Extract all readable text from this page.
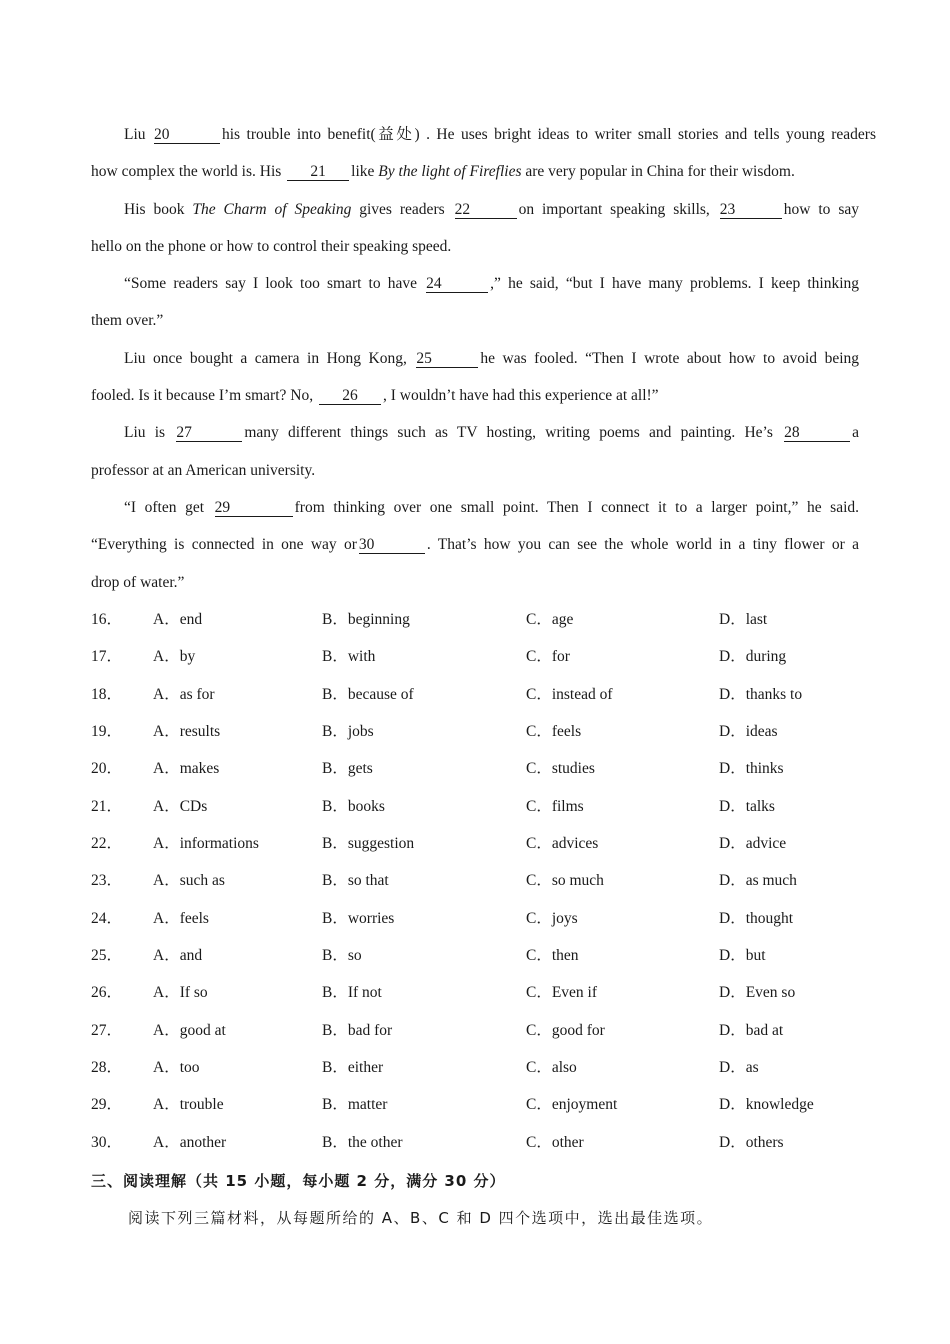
Liu 20	his trouble into benefit(益处) . He uses bright ideas to writer small stories and tells young readers
how complex the world is. His 21 like By the light of Fireflies are very popular in China for their wisdom.
His book The Charm of Speaking gives readers 22	on important speaking skills, 23	how to say
hello on the phone or how to control their speaking speed.
“Some readers say I look too smart to have 24	,” he said, “but I have many problems. I keep thinking
them over.”
Liu once bought a camera in Hong Kong, 25	he was fooled. “Then I wrote about how to avoid being
fooled. Is it because I’m smart? No, 26 , I wouldn’t have had this experience at all!”
Liu is 27	many different things such as TV hosting, writing poems and painting. He’s 28	a
professor at an American university.
“I often get 29	from thinking over one small point. Then I connect it to a larger point,” he said.
“Everything is connected in one way or 30	. That’s how you can see the whole world in a tiny flower or a
drop of water.”
16． A．end	B．beginning	C．age	D．last
17． A．by	B．with	C．for	D．during
18． A．as for	B．because of	C．instead of	D．thanks to
19． A．results	B．jobs	C．feels	D．ideas
20． A．makes	B．gets	C．studies	D．thinks
21． A．CDs	B．books	C．films	D．talks
22． A．informations	B．suggestion	C．advices	D．advice
23． A．such as	B．so that	C．so much	D．as much
24． A．feels	B．worries	C．joys	D．thought
25． A．and	B．so	C．then	D．but
26． A．If so	B．If not	C．Even if	D．Even so
27． A．good at	B．bad for	C．good for	D．bad at
28． A．too	B．either	C．also	D．as
29． A．trouble	B．matter	C．enjoyment	D．knowledge
30． A．another	B．the other	C．other	D．others
三、阅读理解（共 15 小题，每小题 2 分，满分 30 分）
阅读下列三篇材料，从每题所给的 A、B、C 和 D 四个选项中，选出最佳选项。
